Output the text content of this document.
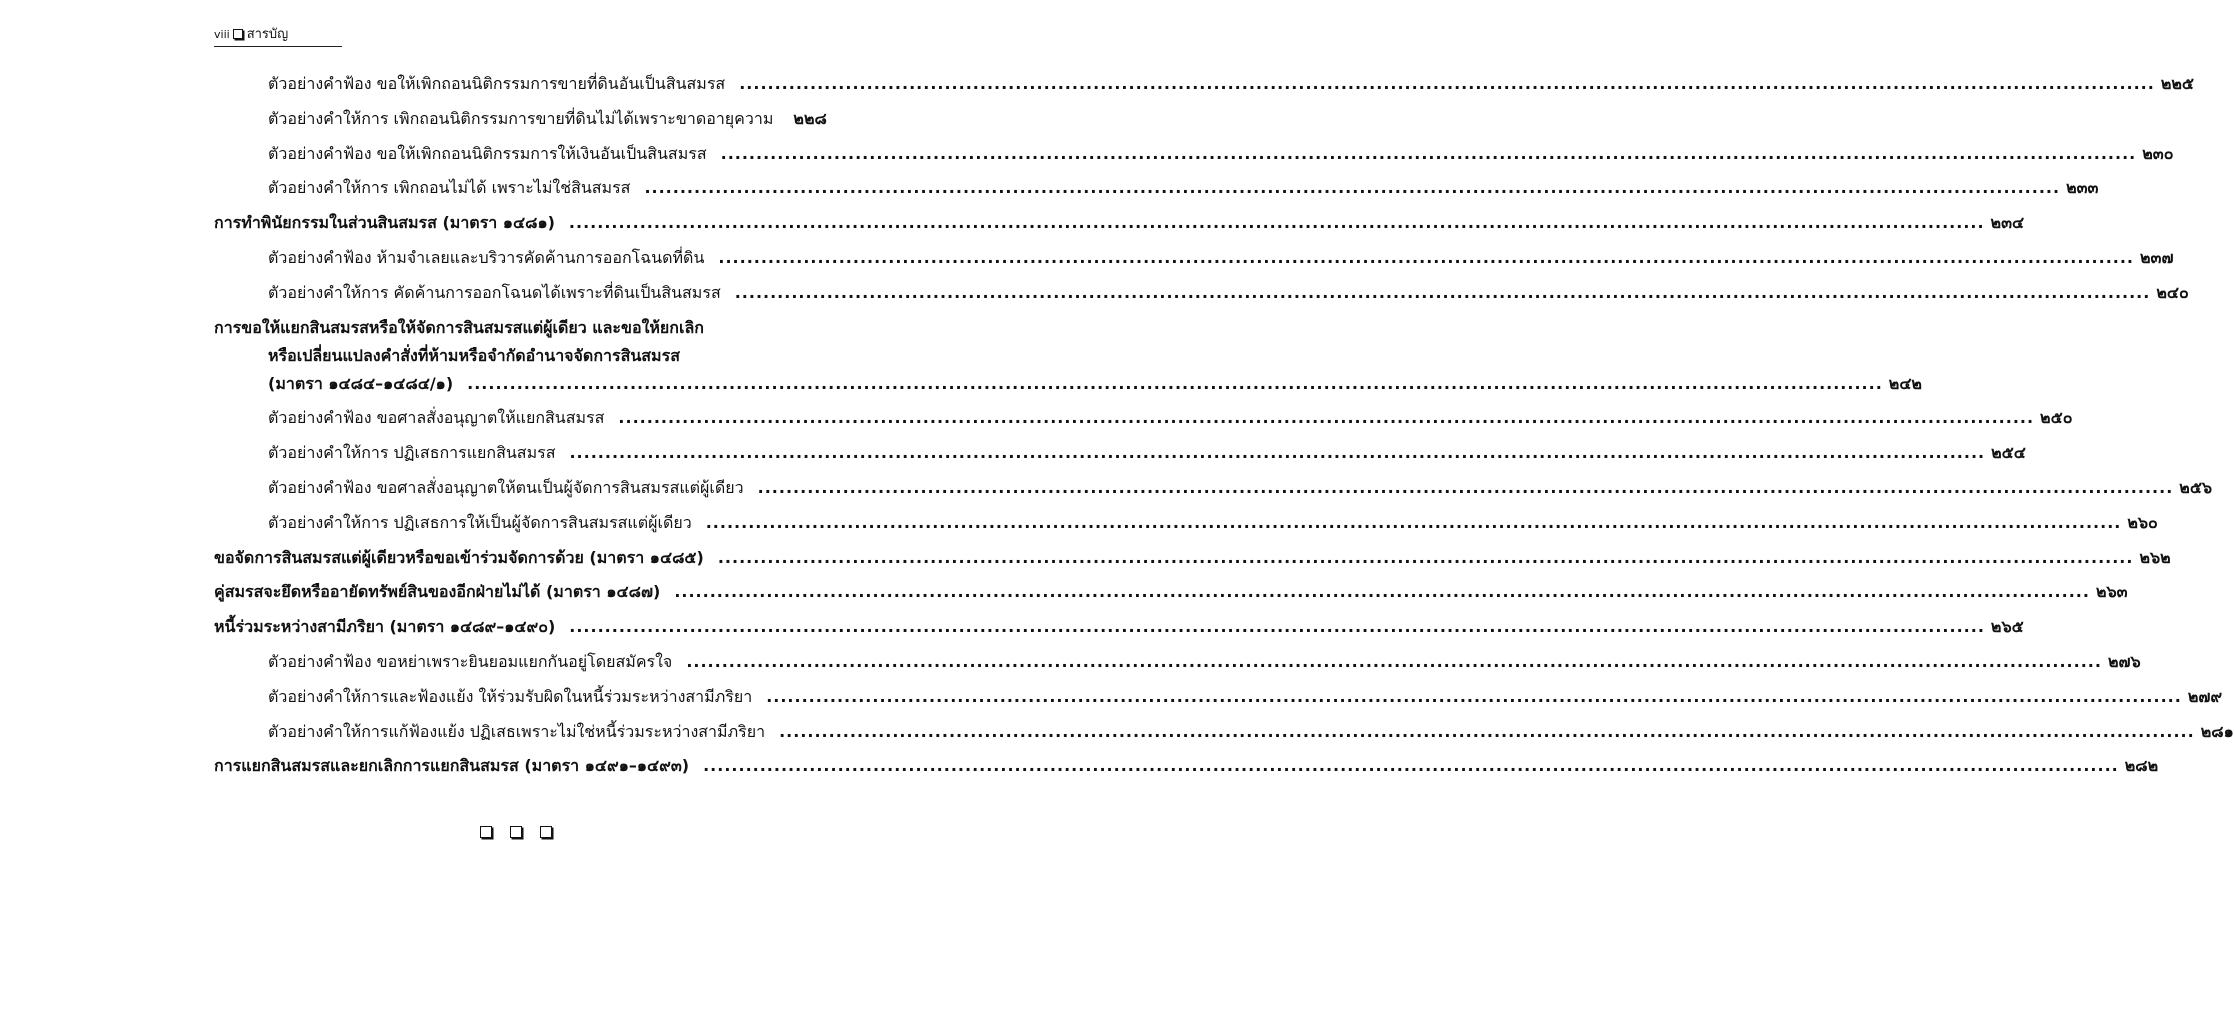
viii สารบัญ
ตัวอย่างคำฟ้อง ขอให้เพิกถอนนิติกรรมการขายที่ดินอันเป็นสินสมรส ........................................................................................................................................................................................................ ๒๒๕
ตัวอย่างคำให้การ เพิกถอนนิติกรรมการขายที่ดินไม่ได้เพราะขาดอายุความ ๒๒๘
ตัวอย่างคำฟ้อง ขอให้เพิกถอนนิติกรรมการให้เงินอันเป็นสินสมรส ........................................................................................................................................................................................................ ๒๓๐
ตัวอย่างคำให้การ เพิกถอนไม่ได้ เพราะไม่ใช่สินสมรส ........................................................................................................................................................................................................ ๒๓๓
การทำพินัยกรรมในส่วนสินสมรส (มาตรา ๑๔๘๑) ........................................................................................................................................................................................................ ๒๓๔
ตัวอย่างคำฟ้อง ห้ามจำเลยและบริวารคัดค้านการออกโฉนดที่ดิน ........................................................................................................................................................................................................ ๒๓๗
ตัวอย่างคำให้การ คัดค้านการออกโฉนดได้เพราะที่ดินเป็นสินสมรส ........................................................................................................................................................................................................ ๒๔๐
การขอให้แยกสินสมรสหรือให้จัดการสินสมรสแต่ผู้เดียว และขอให้ยกเลิก
หรือเปลี่ยนแปลงคำสั่งที่ห้ามหรือจำกัดอำนาจจัดการสินสมรส
(มาตรา ๑๔๘๔–๑๔๘๔/๑) ........................................................................................................................................................................................................ ๒๔๒
ตัวอย่างคำฟ้อง ขอศาลสั่งอนุญาตให้แยกสินสมรส ........................................................................................................................................................................................................ ๒๕๐
ตัวอย่างคำให้การ ปฏิเสธการแยกสินสมรส ........................................................................................................................................................................................................ ๒๕๔
ตัวอย่างคำฟ้อง ขอศาลสั่งอนุญาตให้ตนเป็นผู้จัดการสินสมรสแต่ผู้เดียว ........................................................................................................................................................................................................ ๒๕๖
ตัวอย่างคำให้การ ปฏิเสธการให้เป็นผู้จัดการสินสมรสแต่ผู้เดียว ........................................................................................................................................................................................................ ๒๖๐
ขอจัดการสินสมรสแต่ผู้เดียวหรือขอเข้าร่วมจัดการด้วย (มาตรา ๑๔๘๕) ........................................................................................................................................................................................................ ๒๖๒
คู่สมรสจะยึดหรืออายัดทรัพย์สินของอีกฝ่ายไม่ได้ (มาตรา ๑๔๘๗) ........................................................................................................................................................................................................ ๒๖๓
หนี้ร่วมระหว่างสามีภริยา (มาตรา ๑๔๘๙–๑๔๙๐) ........................................................................................................................................................................................................ ๒๖๕
ตัวอย่างคำฟ้อง ขอหย่าเพราะยินยอมแยกกันอยู่โดยสมัครใจ ........................................................................................................................................................................................................ ๒๗๖
ตัวอย่างคำให้การและฟ้องแย้ง ให้ร่วมรับผิดในหนี้ร่วมระหว่างสามีภริยา ........................................................................................................................................................................................................ ๒๗๙
ตัวอย่างคำให้การแก้ฟ้องแย้ง ปฏิเสธเพราะไม่ใช่หนี้ร่วมระหว่างสามีภริยา ........................................................................................................................................................................................................ ๒๘๑
การแยกสินสมรสและยกเลิกการแยกสินสมรส (มาตรา ๑๔๙๑–๑๔๙๓) ........................................................................................................................................................................................................ ๒๘๒
